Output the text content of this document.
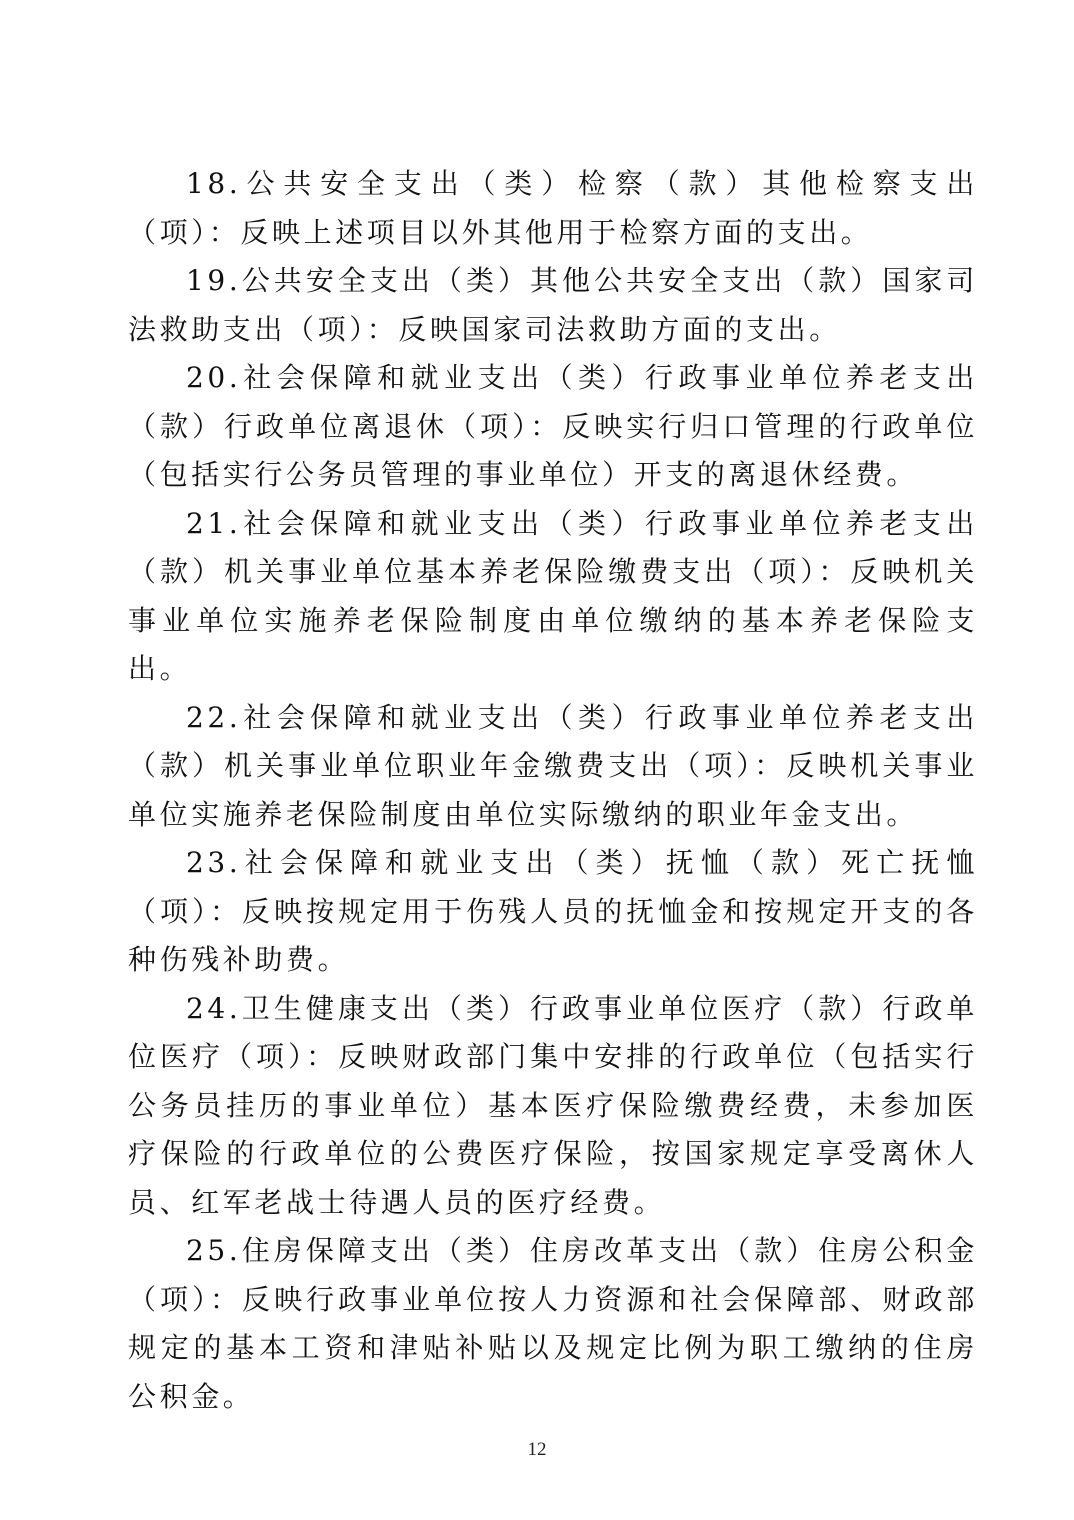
18.公共安全支出（类）检察（款）其他检察支出（项）：反映上述项目以外其他用于检察方面的支出。

19.公共安全支出（类）其他公共安全支出（款）国家司法救助支出（项）：反映国家司法救助方面的支出。

20.社会保障和就业支出（类）行政事业单位养老支出（款）行政单位离退休（项）：反映实行归口管理的行政单位（包括实行公务员管理的事业单位）开支的离退休经费。

21.社会保障和就业支出（类）行政事业单位养老支出（款）机关事业单位基本养老保险缴费支出（项）：反映机关事业单位实施养老保险制度由单位缴纳的基本养老保险支出。

22.社会保障和就业支出（类）行政事业单位养老支出（款）机关事业单位职业年金缴费支出（项）：反映机关事业单位实施养老保险制度由单位实际缴纳的职业年金支出。

23.社会保障和就业支出（类）抚恤（款）死亡抚恤（项）：反映按规定用于伤残人员的抚恤金和按规定开支的各种伤残补助费。

24.卫生健康支出（类）行政事业单位医疗（款）行政单位医疗（项）：反映财政部门集中安排的行政单位（包括实行公务员挂历的事业单位）基本医疗保险缴费经费，未参加医疗保险的行政单位的公费医疗保险，按国家规定享受离休人员、红军老战士待遇人员的医疗经费。

25.住房保障支出（类）住房改革支出（款）住房公积金（项）：反映行政事业单位按人力资源和社会保障部、财政部规定的基本工资和津贴补贴以及规定比例为职工缴纳的住房公积金。

12
